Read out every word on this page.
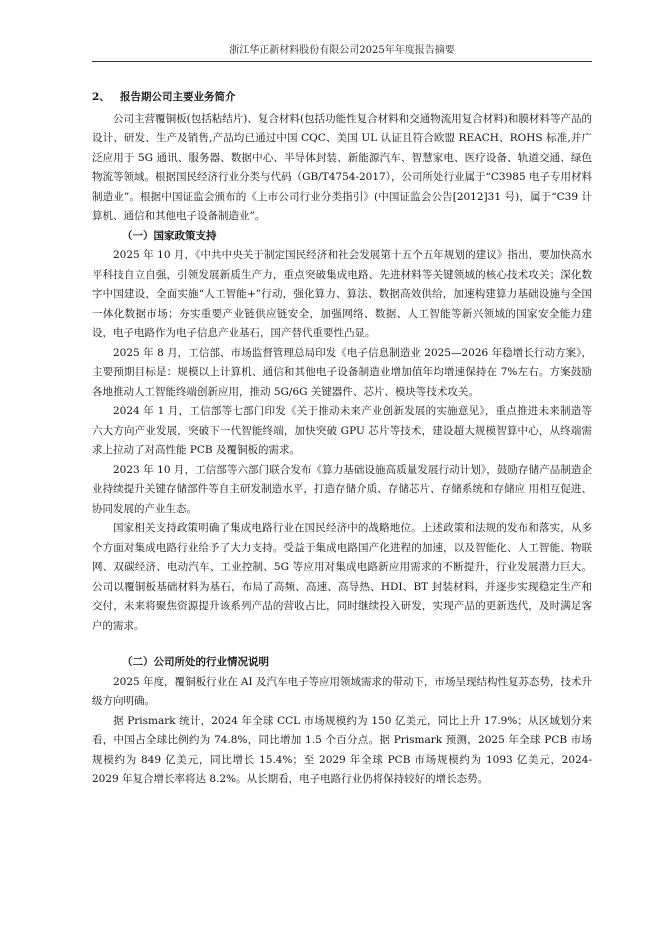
浙江华正新材料股份有限公司2025年年度报告摘要
2、 报告期公司主要业务简介

公司主营覆铜板(包括粘结片)、复合材料(包括功能性复合材料和交通物流用复合材料)和膜材料等产品的设计、研发、生产及销售,产品均已通过中国 CQC、美国 UL 认证且符合欧盟 REACH、ROHS 标准,并广泛应用于 5G 通讯、服务器、数据中心、半导体封装、新能源汽车、智慧家电、医疗设备、轨道交通、绿色物流等领域。根据国民经济行业分类与代码（GB/T4754-2017），公司所处行业属于“C3985 电子专用材料制造业”。根据中国证监会颁布的《上市公司行业分类指引》(中国证监会公告[2012]31 号)，属于“C39 计算机、通信和其他电子设备制造业”。

（一）国家政策支持

2025 年 10 月，《中共中央关于制定国民经济和社会发展第十五个五年规划的建议》指出，要加快高水平科技自立自强，引领发展新质生产力，重点突破集成电路、先进材料等关键领域的核心技术攻关；深化数字中国建设，全面实施“人工智能+”行动，强化算力、算法、数据高效供给，加速构建算力基础设施与全国一体化数据市场；夯实重要产业链供应链安全，加强网络、数据、人工智能等新兴领域的国家安全能力建设，电子电路作为电子信息产业基石，国产替代重要性凸显。

2025 年 8 月，工信部、市场监督管理总局印发《电子信息制造业 2025—2026 年稳增长行动方案》，主要预期目标是：规模以上计算机、通信和其他电子设备制造业增加值年均增速保持在 7%左右。方案鼓励各地推动人工智能终端创新应用，推动 5G/6G 关键器件、芯片、模块等技术攻关。

2024 年 1 月，工信部等七部门印发《关于推动未来产业创新发展的实施意见》，重点推进未来制造等六大方向产业发展，突破下一代智能终端，加快突破 GPU 芯片等技术，建设超大规模智算中心，从终端需求上拉动了对高性能 PCB 及覆铜板的需求。

2023 年 10 月，工信部等六部门联合发布《算力基础设施高质量发展行动计划》，鼓励存储产品制造企业持续提升关键存储部件等自主研发制造水平，打造存储介质、存储芯片、存储系统和存储应 用相互促进、协同发展的产业生态。

国家相关支持政策明确了集成电路行业在国民经济中的战略地位。上述政策和法规的发布和落实，从多个方面对集成电路行业给予了大力支持。受益于集成电路国产化进程的加速，以及智能化、人工智能、物联网、双碳经济、电动汽车、工业控制、5G 等应用对集成电路新应用需求的不断提升，行业发展潜力巨大。公司以覆铜板基础材料为基石，布局了高频、高速、高导热、HDI、BT 封装材料，并逐步实现稳定生产和交付，未来将聚焦资源提升该系列产品的营收占比，同时继续投入研发，实现产品的更新迭代，及时满足客户的需求。

（二）公司所处的行业情况说明

2025 年度，覆铜板行业在 AI 及汽车电子等应用领域需求的带动下，市场呈现结构性复苏态势，技术升级方向明确。

据 Prismark 统计，2024 年全球 CCL 市场规模约为 150 亿美元，同比上升 17.9%；从区域划分来看，中国占全球比例约为 74.8%，同比增加 1.5 个百分点。据 Prismark 预测，2025 年全球 PCB 市场规模约为 849 亿美元，同比增长 15.4%；至 2029 年全球 PCB 市场规模约为 1093 亿美元，2024-2029 年复合增长率将达 8.2%。从长期看，电子电路行业仍将保持较好的增长态势。
